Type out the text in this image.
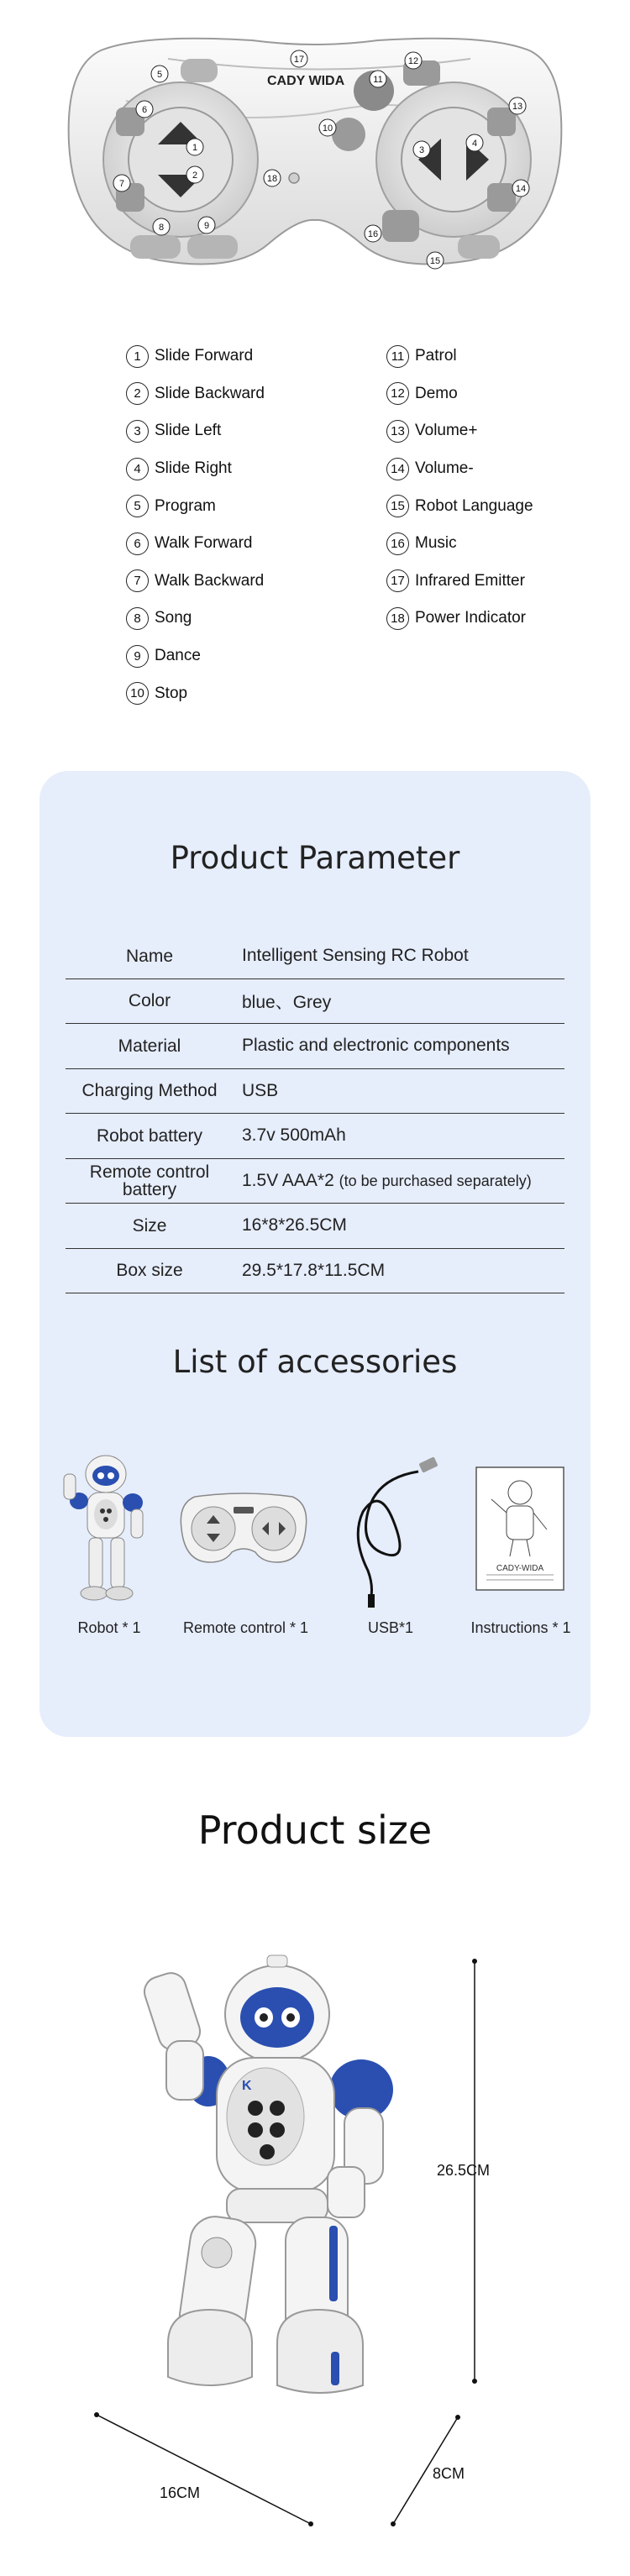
1
2
3
4
5
6
7
8	9
10
11
12
13
14
15
16
17
18
CADY WIDA
1 Slide Forward
2 Slide Backward
3 Slide Left
4 Slide Right
5 Program
6 Walk Forward
7 Walk Backward
8 Song
9 Dance
10 Stop
11 Patrol
12 Demo
13 Volume+
14 Volume-
15 Robot Language
16 Music
17 Infrared Emitter
18 Power Indicator
Product Parameter
Name	Intelligent Sensing RC Robot
Color	blue、Grey
Material	Plastic and electronic components
Charging Method	USB
Robot battery	3.7v 500mAh
Remote control battery	1.5V AAA*2 (to be purchased separately)
Size	16*8*26.5CM
Box size	29.5*17.8*11.5CM
List of accessories
CADY-WIDA
Robot * 1	Remote control * 1	USB*1	Instructions * 1
Product size
K
26.5CM
16CM
8CM
